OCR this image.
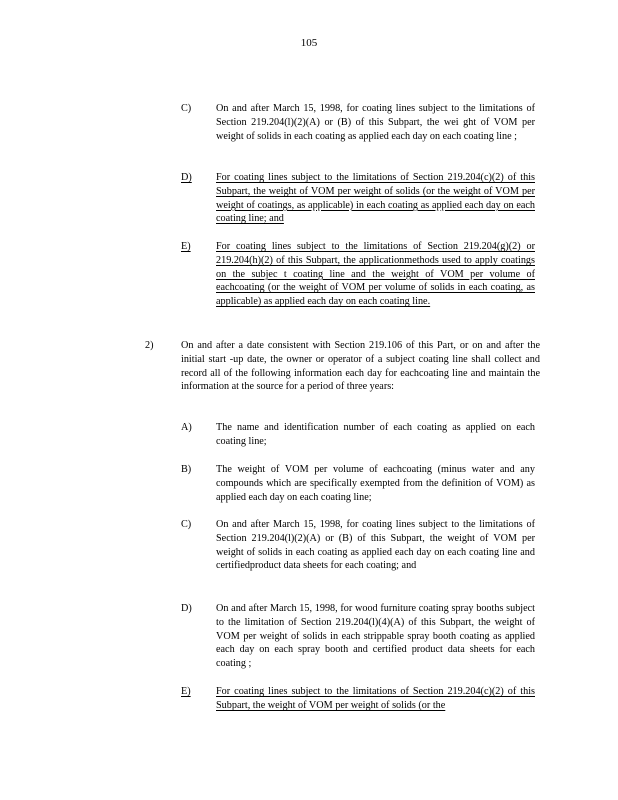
105
C) On and after March 15, 1998, for coating lines subject to the limitations of Section 219.204(l)(2)(A) or (B) of this Subpart, the wei ght of VOM per weight of solids in each coating as applied each day on each coating line ;
D) For coating lines subject to the limitations of Section 219.204(c)(2) of this Subpart, the weight of VOM per weight of solids (or the weight of VOM per weight of coatings, as applicable) in each coating as applied each day on each coating line; and
E) For coating lines subject to the limitations of Section 219.204(g)(2) or 219.204(h)(2) of this Subpart, the applicationmethods used to apply coatings on the subjec t coating line and the weight of VOM per volume of eachcoating (or the weight of VOM per volume of solids in each coating, as applicable) as applied each day on each coating line.
2)	On and after a date consistent with Section 219.106 of this Part, or on and after the initial start -up date, the owner or operator of a subject coating line shall collect and record all of the following information each day for eachcoating line and maintain the information at the source for a period of three years:
A) The name and identification number of each coating as applied on each coating line;
B) The weight of VOM per volume of eachcoating (minus water and any compounds which are specifically exempted from the definition of VOM) as applied each day on each coating line;
C) On and after March 15, 1998, for coating lines subject to the limitations of Section 219.204(l)(2)(A) or (B) of this Subpart, the weight of VOM per weight of solids in each coating as applied each day on each coating line and certifiedproduct data sheets for each coating; and
D) On and after March 15, 1998, for wood furniture coating spray booths subject to the limitation of Section 219.204(l)(4)(A) of this Subpart, the weight of VOM per weight of solids in each strippable spray booth coating as applied each day on each spray booth and certified product data sheets for each coating ;
E) For coating lines subject to the limitations of Section 219.204(c)(2) of this Subpart, the weight of VOM per weight of solids (or the
